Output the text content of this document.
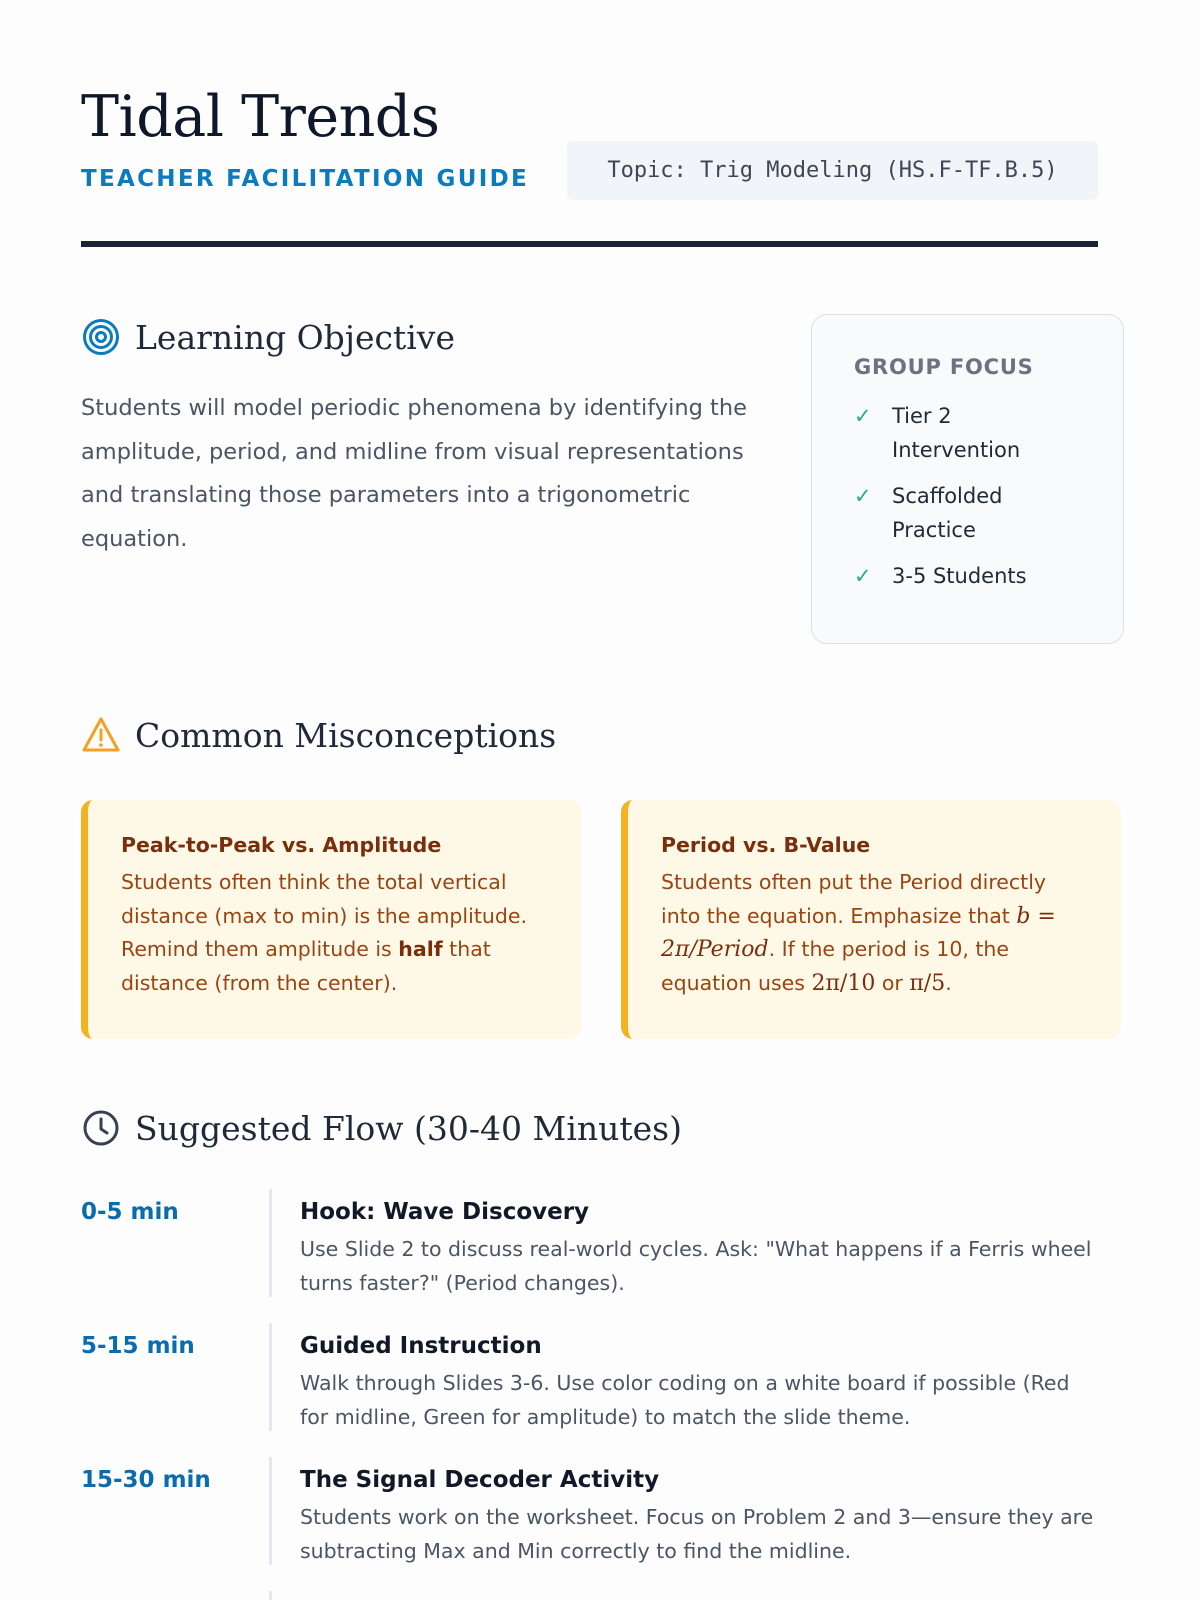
Tidal Trends
TEACHER FACILITATION GUIDE	Topic: Trig Modeling (HS.F-TF.B.5)
Learning Objective

Students will model periodic phenomena by identifying the amplitude, period, and midline from visual representations and translating those parameters into a trigonometric equation.

GROUP FOCUS
✓ Tier 2 Intervention
✓ Scaffolded Practice
✓ 3-5 Students
Common Misconceptions
Peak-to-Peak vs. Amplitude

Students often think the total vertical distance (max to min) is the amplitude. Remind them amplitude is half that distance (from the center).

Period vs. B-Value

Students often put the Period directly into the equation. Emphasize that b = 2π/Period. If the period is 10, the equation uses 2π/10 or π/5.

Suggested Flow (30-40 Minutes)
0-5 min	Hook: Wave Discovery

Use Slide 2 to discuss real-world cycles. Ask: "What happens if a Ferris wheel turns faster?" (Period changes).

5-15 min	Guided Instruction

Walk through Slides 3-6. Use color coding on a white board if possible (Red for midline, Green for amplitude) to match the slide theme.

15-30 min	The Signal Decoder Activity

Students work on the worksheet. Focus on Problem 2 and 3—ensure they are subtracting Max and Min correctly to find the midline.
